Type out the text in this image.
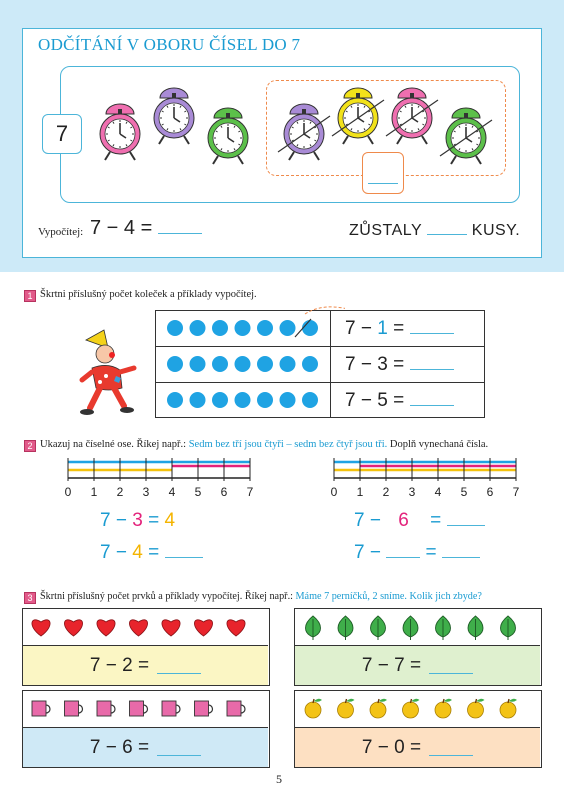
ODČÍTÁNÍ V OBORU ČÍSEL DO 7
7
Vypočítej: 7 − 4 =	ZŮSTALY	KUSY.
1 Škrtni příslušný počet koleček a příklady vypočítej.
7 − 1 =
7 − 3 =
7 − 5 =
2 Ukazuj na číselné ose. Říkej např.: Sedm bez tří jsou čtyři – sedm bez čtyř jsou tři. Doplň vynechaná čísla.
0 1 2 3 4 5 6 7	0 1 2 3 4 5 6 7
7 − 3 = 4
7 − 4 =
7 − 6 =
7 − =
3 Škrtni příslušný počet prvků a příklady vypočítej. Říkej např.: Máme 7 perníčků, 2 sníme. Kolik jich zbyde?
7 − 2 =	7 − 7 =
7 − 6 =	7 − 0 =
5
